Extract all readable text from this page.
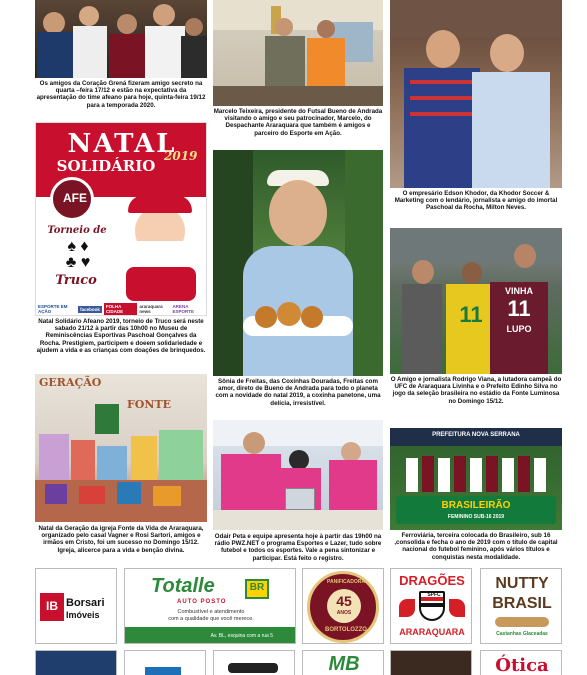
Os amigos da Coração Grená fizeram amigo secreto na quarta –feira 17/12 e estão na expectativa da apresentação do time afeano para hoje, quinta-feira 19/12 para a temporada 2020.
Marcelo Teixeira, presidente do Futsal Bueno de Andrada visitando o amigo e seu patrocinador, Marcelo, do Despachante Araraquara que também é amigos e parceiro do Esporte em Ação.
O empresário Edson Khodor, da Khodor Soccer & Marketing com o lendário, jornalista e amigo do imortal Paschoal da Rocha, Milton Neves.
NATAL
SOLIDÁRIO
2019
AFE
Torneio de
♠ ♦
♣ ♥
Truco
ESPORTE EM AÇÃO	facebook	FOLHA CIDADE
araraquara news
ARENA ESPORTE
Natal Solidário Afeano 2019, torneio de Truco será neste sabado 21/12 à partir das 10h00 no Museu de Reminiscências Esportivas Paschoal Gonçalves da Rocha. Prestigiem, participem e doeem solidariedade e ajudem a vida e as crianças com doações de brinquedos.
Sônia de Freitas, das Coxinhas Douradas, Freitas com amor, direto de Bueno de Andrada para todo o planeta com a novidade do natal 2019, a coxinha panetone, uma delícia, irresistível.
11
VINHA
11
LUPO
O Amigo e jornalista Rodrigo Viana, a lutadora campeã do UFC de Araraquara Livinha e o Prefeito Edinho Silva no jogo da seleção brasileira no estádio da Fonte Luminosa no Domingo 15/12.
GERAÇÃO
FONTE
Natal da Geração da igreja Fonte da Vida de Araraquara, organizado pelo casal Vagner e Rosi Sartori, amigos e irmãos em Cristo, foi um sucesso no Domingo 15/12. Igreja, alicerce para a vida e benção divina.
Odair Peta e equipe apresenta hoje à partir das 19h00 na rádio PWZ.NET o programa Esportes e Lazer, tudo sobre futebol e todos os esportes. Vale a pena sintonizar e participar. Está feito o registro.
PREFEITURA NOVA SERRANA
BRASILEIRÃO
FEMININO SUB-16 2019
Ferroviária, terceira colocada do Brasileiro, sub 16 ,consolida e fecha o ano de 2019 com o título de capital nacional do futebol feminino, após vários títulos e conquistas nesta modalidade.
IB Borsari
Imóveis
Totalle	BR
AUTO POSTO
Combustível e atendimento
com a qualidade que você merece.
Av. BL, esquina com a rua 5
PANIFICADORA
45
ANOS
BORTOLOZZO
DRAGÕES
SPFC
ARARAQUARA
NUTTY
BRASIL
Castanhas Glaceadas
MB	Ótica
